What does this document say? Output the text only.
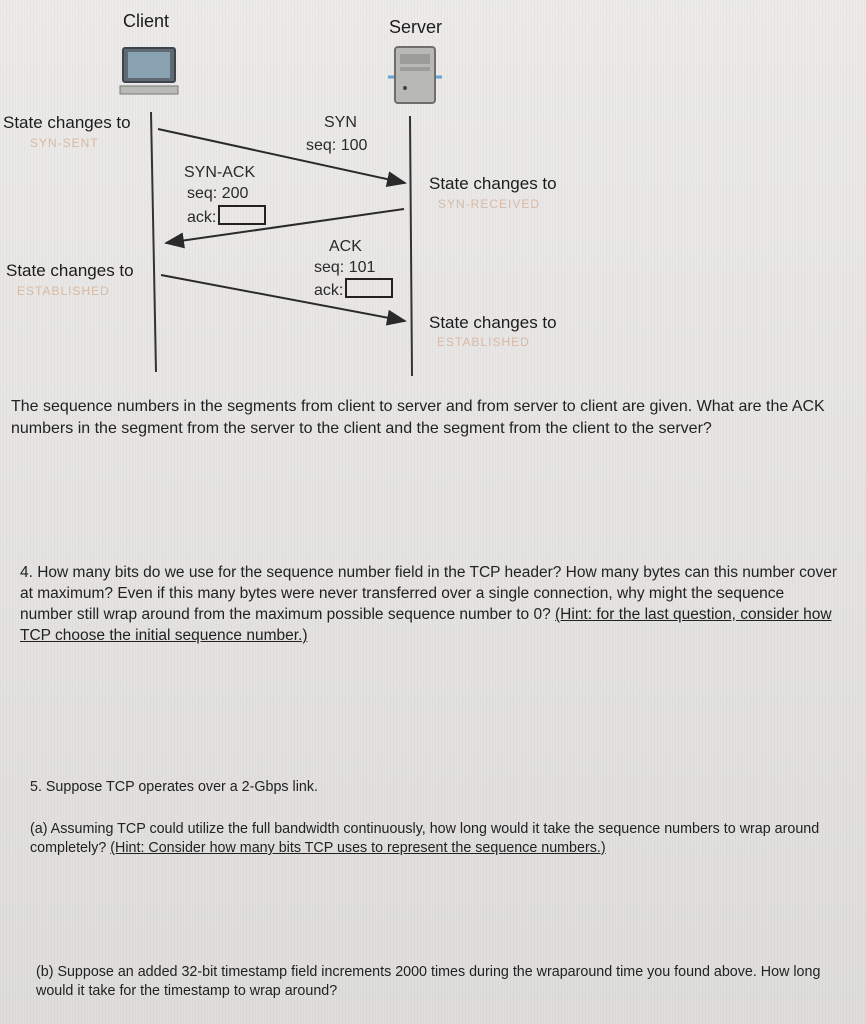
Client	Server
State changes to
SYN-SENT
State changes to
SYN-RECEIVED
State changes to
ESTABLISHED
State changes to
ESTABLISHED
SYN
seq: 100
SYN-ACK
seq: 200
ack:
ACK
seq: 101
ack:
The sequence numbers in the segments from client to server and from server to client are given. What are the ACK numbers in the segment from the server to the client and the segment from the client to the server?
4. How many bits do we use for the sequence number field in the TCP header? How many bytes can this number cover at maximum? Even if this many bytes were never transferred over a single connection, why might the sequence number still wrap around from the maximum possible sequence number to 0? (Hint: for the last question, consider how TCP choose the initial sequence number.)
5. Suppose TCP operates over a 2-Gbps link.
(a) Assuming TCP could utilize the full bandwidth continuously, how long would it take the sequence numbers to wrap around completely? (Hint: Consider how many bits TCP uses to represent the sequence numbers.)
(b) Suppose an added 32-bit timestamp field increments 2000 times during the wraparound time you found above. How long would it take for the timestamp to wrap around?
